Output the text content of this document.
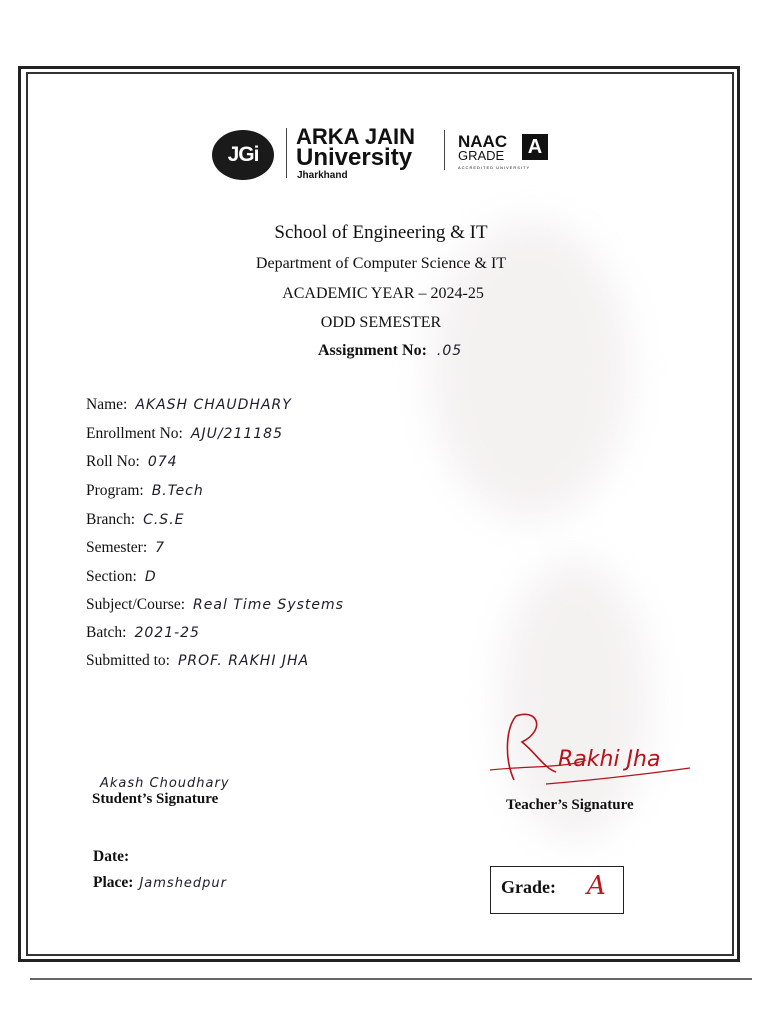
JGi
ARKA JAIN
University
Jharkhand
NAAC
GRADE A
ACCREDITED UNIVERSITY
School of Engineering & IT
Department of Computer Science & IT
ACADEMIC YEAR – 2024-25
ODD SEMESTER
Assignment No: .05
Name: AKASH CHAUDHARY
Enrollment No: AJU/211185
Roll No: 074
Program: B.Tech
Branch: C.S.E
Semester: 7
Section: D
Subject/Course: Real Time Systems
Batch: 2021-25
Submitted to: PROF. RAKHI JHA
Akash Choudhary
Student’s Signature
Rakhi Jha
Teacher’s Signature
Date:
Place: Jamshedpur	Grade: A
